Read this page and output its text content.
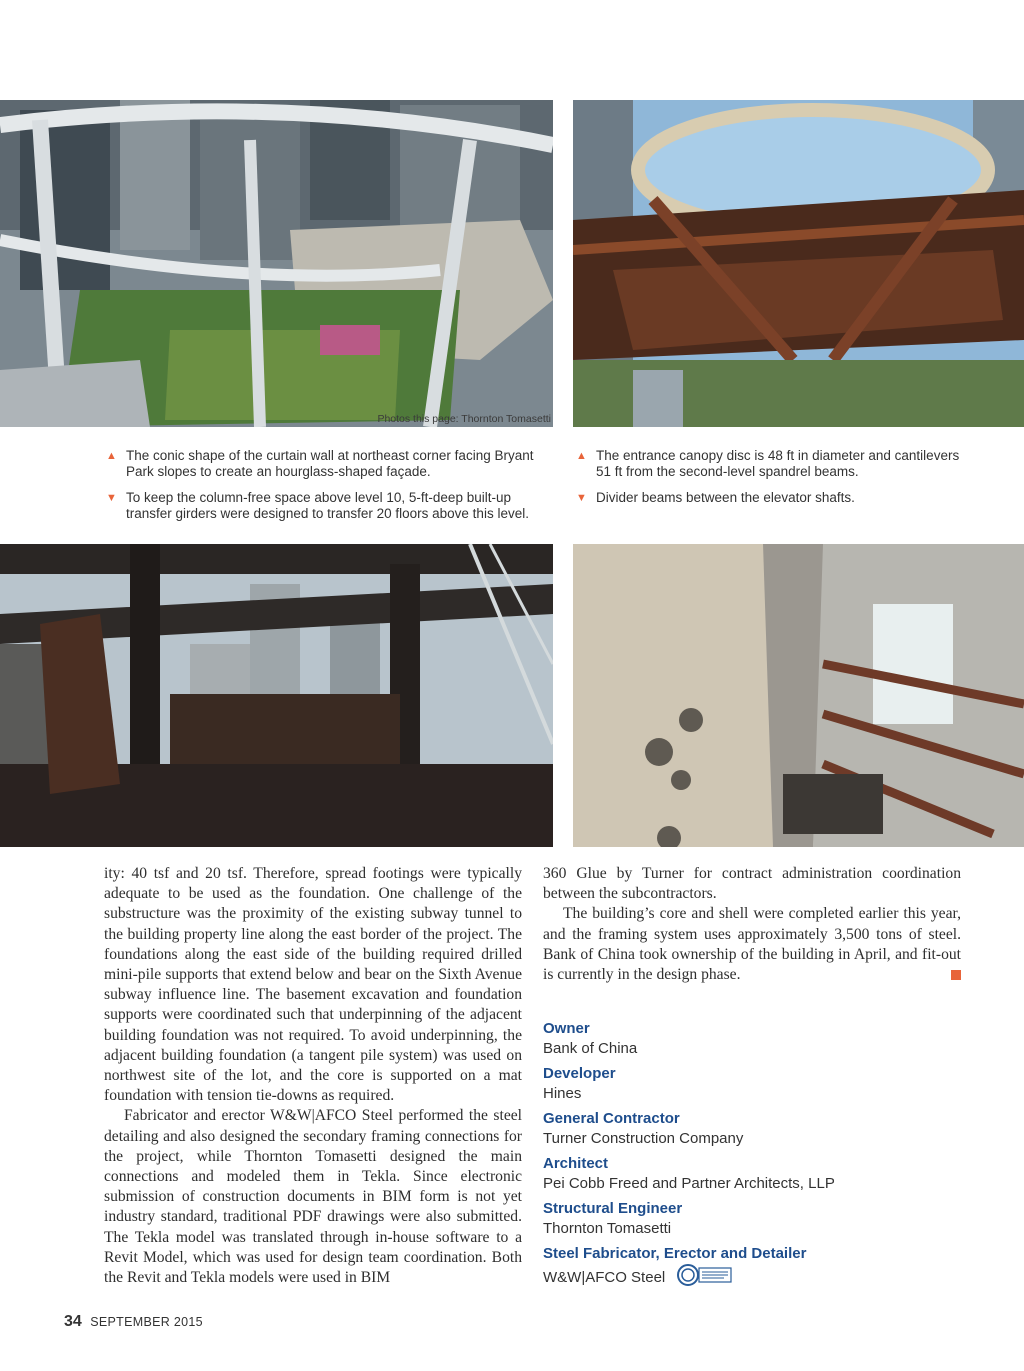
Photos this page: Thornton Tomasetti
▲ The conic shape of the curtain wall at northeast corner facing Bryant Park slopes to create an hourglass-shaped façade.
▼ To keep the column-free space above level 10, 5-ft-deep built-up transfer girders were designed to transfer 20 floors above this level.
▲ The entrance canopy disc is 48 ft in diameter and cantilevers 51 ft from the second-level spandrel beams.
▼ Divider beams between the elevator shafts.

ity: 40 tsf and 20 tsf. Therefore, spread footings were typically adequate to be used as the foundation. One challenge of the substructure was the proximity of the existing subway tunnel to the building property line along the east border of the project. The foundations along the east side of the building required drilled mini-pile supports that extend below and bear on the Sixth Avenue subway influence line. The basement excavation and foundation supports were coordinated such that underpinning of the adjacent building foundation was not required. To avoid underpinning, the adjacent building foundation (a tangent pile system) was used on northwest site of the lot, and the core is supported on a mat foundation with tension tie-downs as required.

Fabricator and erector W&W|AFCO Steel performed the steel detailing and also designed the secondary framing connections for the project, while Thornton Tomasetti designed the main connections and modeled them in Tekla. Since electronic submission of construction documents in BIM form is not yet industry standard, traditional PDF drawings were also submitted. The Tekla model was translated through in-house software to a Revit Model, which was used for design team coordination. Both the Revit and Tekla models were used in BIM

360 Glue by Turner for contract administration coordination between the subcontractors.

The building’s core and shell were completed earlier this year, and the framing system uses approximately 3,500 tons of steel. Bank of China took ownership of the building in April, and fit-out is currently in the design phase.

Owner
Bank of China
Developer
Hines
General Contractor
Turner Construction Company
Architect
Pei Cobb Freed and Partner Architects, LLP
Structural Engineer
Thornton Tomasetti
Steel Fabricator, Erector and Detailer
W&W|AFCO Steel
34 SEPTEMBER 2015
